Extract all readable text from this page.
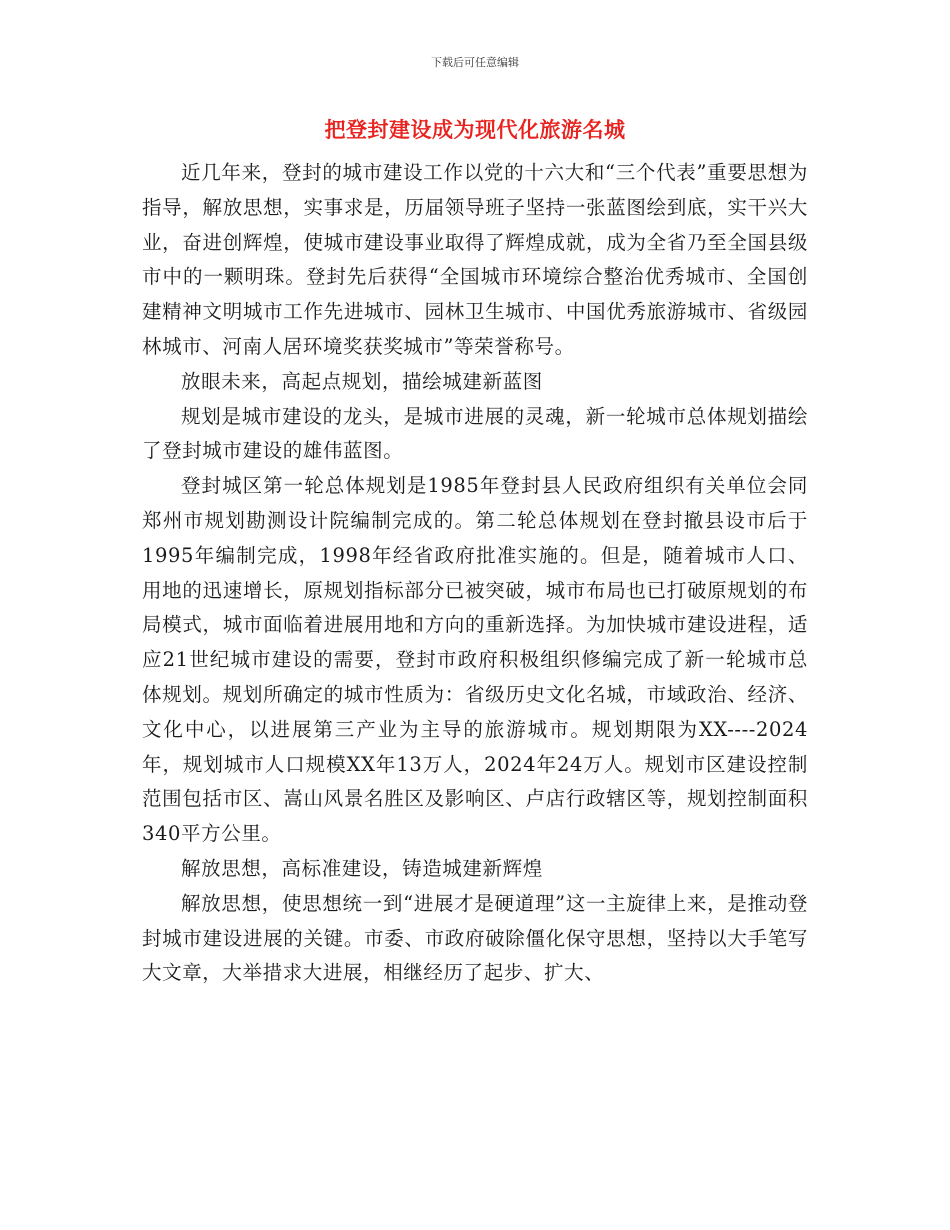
下载后可任意编辑
把登封建设成为现代化旅游名城

近几年来，登封的城市建设工作以党的十六大和“三个代表”重要思想为指导，解放思想，实事求是，历届领导班子坚持一张蓝图绘到底，实干兴大业，奋进创辉煌，使城市建设事业取得了辉煌成就，成为全省乃至全国县级市中的一颗明珠。登封先后获得“全国城市环境综合整治优秀城市、全国创建精神文明城市工作先进城市、园林卫生城市、中国优秀旅游城市、省级园林城市、河南人居环境奖获奖城市”等荣誉称号。

放眼未来，高起点规划，描绘城建新蓝图

规划是城市建设的龙头，是城市进展的灵魂，新一轮城市总体规划描绘了登封城市建设的雄伟蓝图。

登封城区第一轮总体规划是1985年登封县人民政府组织有关单位会同郑州市规划勘测设计院编制完成的。第二轮总体规划在登封撤县设市后于1995年编制完成，1998年经省政府批准实施的。但是，随着城市人口、用地的迅速增长，原规划指标部分已被突破，城市布局也已打破原规划的布局模式，城市面临着进展用地和方向的重新选择。为加快城市建设进程，适应21世纪城市建设的需要，登封市政府积极组织修编完成了新一轮城市总体规划。规划所确定的城市性质为：省级历史文化名城，市域政治、经济、文化中心，以进展第三产业为主导的旅游城市。规划期限为XX----2024年，规划城市人口规模XX年13万人，2024年24万人。规划市区建设控制范围包括市区、嵩山风景名胜区及影响区、卢店行政辖区等，规划控制面积340平方公里。

解放思想，高标准建设，铸造城建新辉煌

解放思想，使思想统一到“进展才是硬道理”这一主旋律上来，是推动登封城市建设进展的关键。市委、市政府破除僵化保守思想，坚持以大手笔写大文章，大举措求大进展，相继经历了起步、扩大、
